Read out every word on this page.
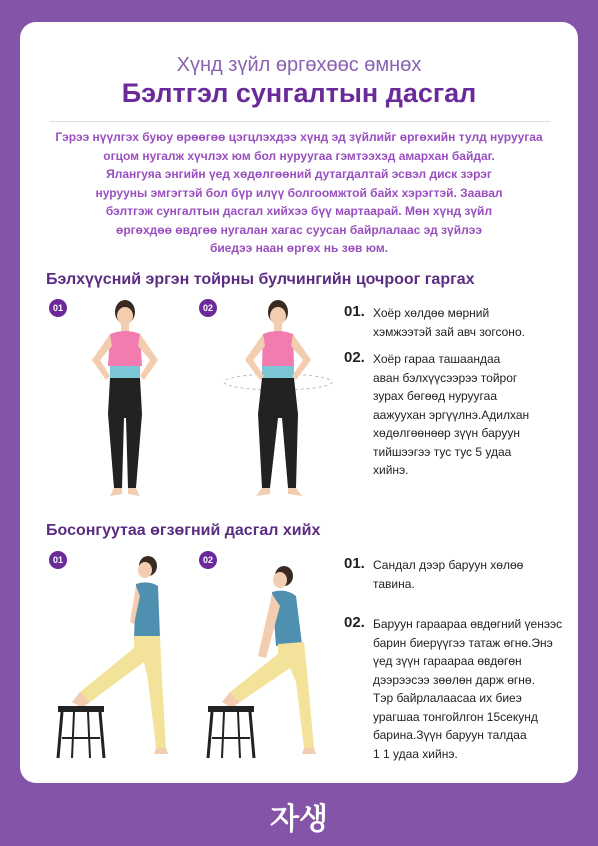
Хүнд зүйл өргөхөөс өмнөх
Бэлтгэл сунгалтын дасгал
Гэрээ нүүлгэх буюу өрөөгөө цэгцлэхдээ хүнд эд зүйлийг өргөхийн тулд нуруугаа
огцом нугалж хүчлэх юм бол нуруугаа гэмтээхэд амархан байдаг.
Ялангуяа энгийн үед хөдөлгөөний дутагдалтай эсвэл диск зэрэг
нурууны эмгэгтэй бол бүр илүү болгоомжтой байх хэрэгтэй. Заавал
бэлтгэж сунгалтын дасгал хийхээ бүү мартаарай. Мөн хүнд зүйл
өргөхдөө өвдгөө нугалан хагас суусан байрлалаас эд зүйлээ
биедээ наан өргөх нь зөв юм.
Бэлхүүсний эргэн тойрны булчингийн цочроог гаргах
01	02	01. Хоёр хөлдөө мөрний
хэмжээтэй зай авч зогсоно.
02. Хоёр гараа ташаандаа
аван бэлхүүсээрээ тойрог
зурах бөгөөд нуруугаа
аажуухан эргүүлнэ.Адилхан
хөдөлгөөнөөр зүүн баруун
тийшээгээ тус тус 5 удаа
хийнэ.
Босонгуутаа өгзөгний дасгал хийх
01	02	01. Сандал дээр баруун хөлөө
тавина.
02. Баруун гараараа өвдөгний үенээс
барин биерүүгээ татаж өгнө.Энэ
үед зүүн гараараа өвдөгөн
дээрээсээ зөөлөн дарж өгнө.
Тэр байрлалаасаа их биеэ
урагшаа тонгойлгон 15секунд
барина.Зүүн баруун талдаа
1 1 удаа хийнэ.
자생
